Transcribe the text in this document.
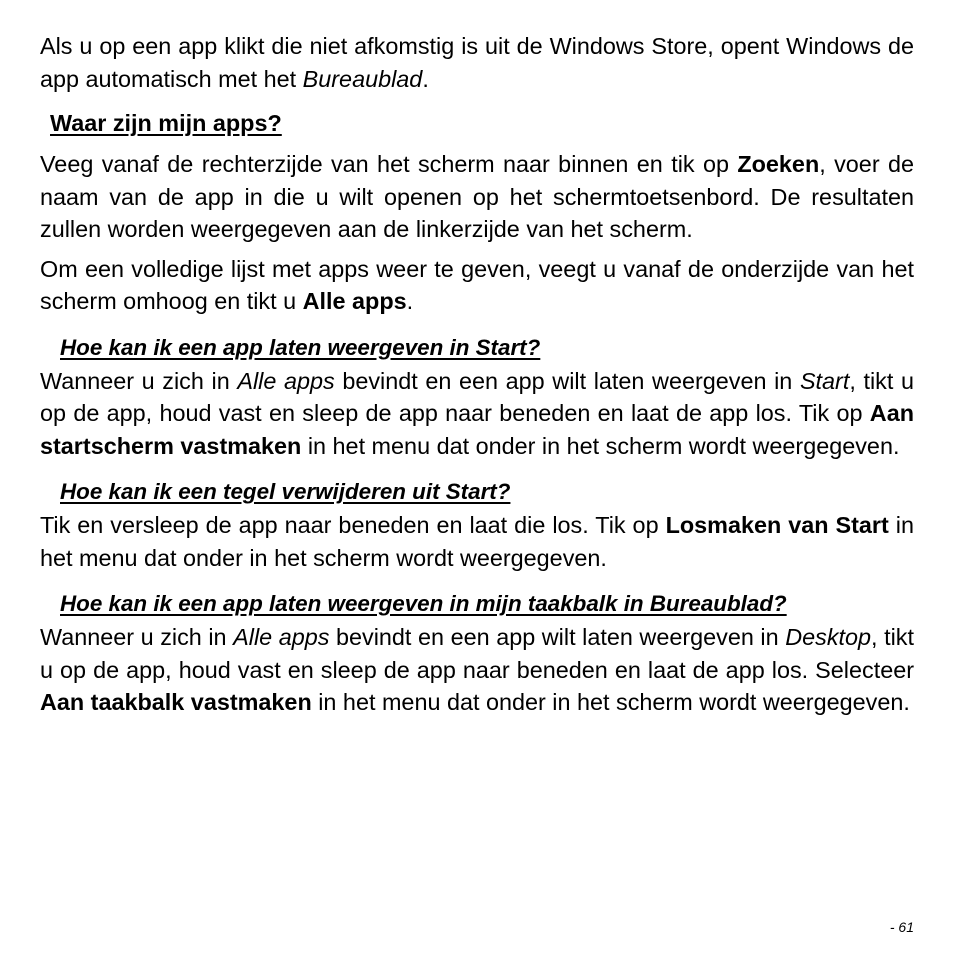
Als u op een app klikt die niet afkomstig is uit de Windows Store, opent Windows de app automatisch met het Bureaublad.

Waar zijn mijn apps?

Veeg vanaf de rechterzijde van het scherm naar binnen en tik op Zoeken, voer de naam van de app in die u wilt openen op het schermtoetsenbord. De resultaten zullen worden weergegeven aan de linkerzijde van het scherm.

Om een volledige lijst met apps weer te geven, veegt u vanaf de onderzijde van het scherm omhoog en tikt u Alle apps.

Hoe kan ik een app laten weergeven in Start?

Wanneer u zich in Alle apps bevindt en een app wilt laten weergeven in Start, tikt u op de app, houd vast en sleep de app naar beneden en laat de app los. Tik op Aan startscherm vastmaken in het menu dat onder in het scherm wordt weergegeven.

Hoe kan ik een tegel verwijderen uit Start?

Tik en versleep de app naar beneden en laat die los. Tik op Losmaken van Start in het menu dat onder in het scherm wordt weergegeven.

Hoe kan ik een app laten weergeven in mijn taakbalk in Bureaublad?

Wanneer u zich in Alle apps bevindt en een app wilt laten weergeven in Desktop, tikt u op de app, houd vast en sleep de app naar beneden en laat de app los. Selecteer Aan taakbalk vastmaken in het menu dat onder in het scherm wordt weergegeven.

- 61
